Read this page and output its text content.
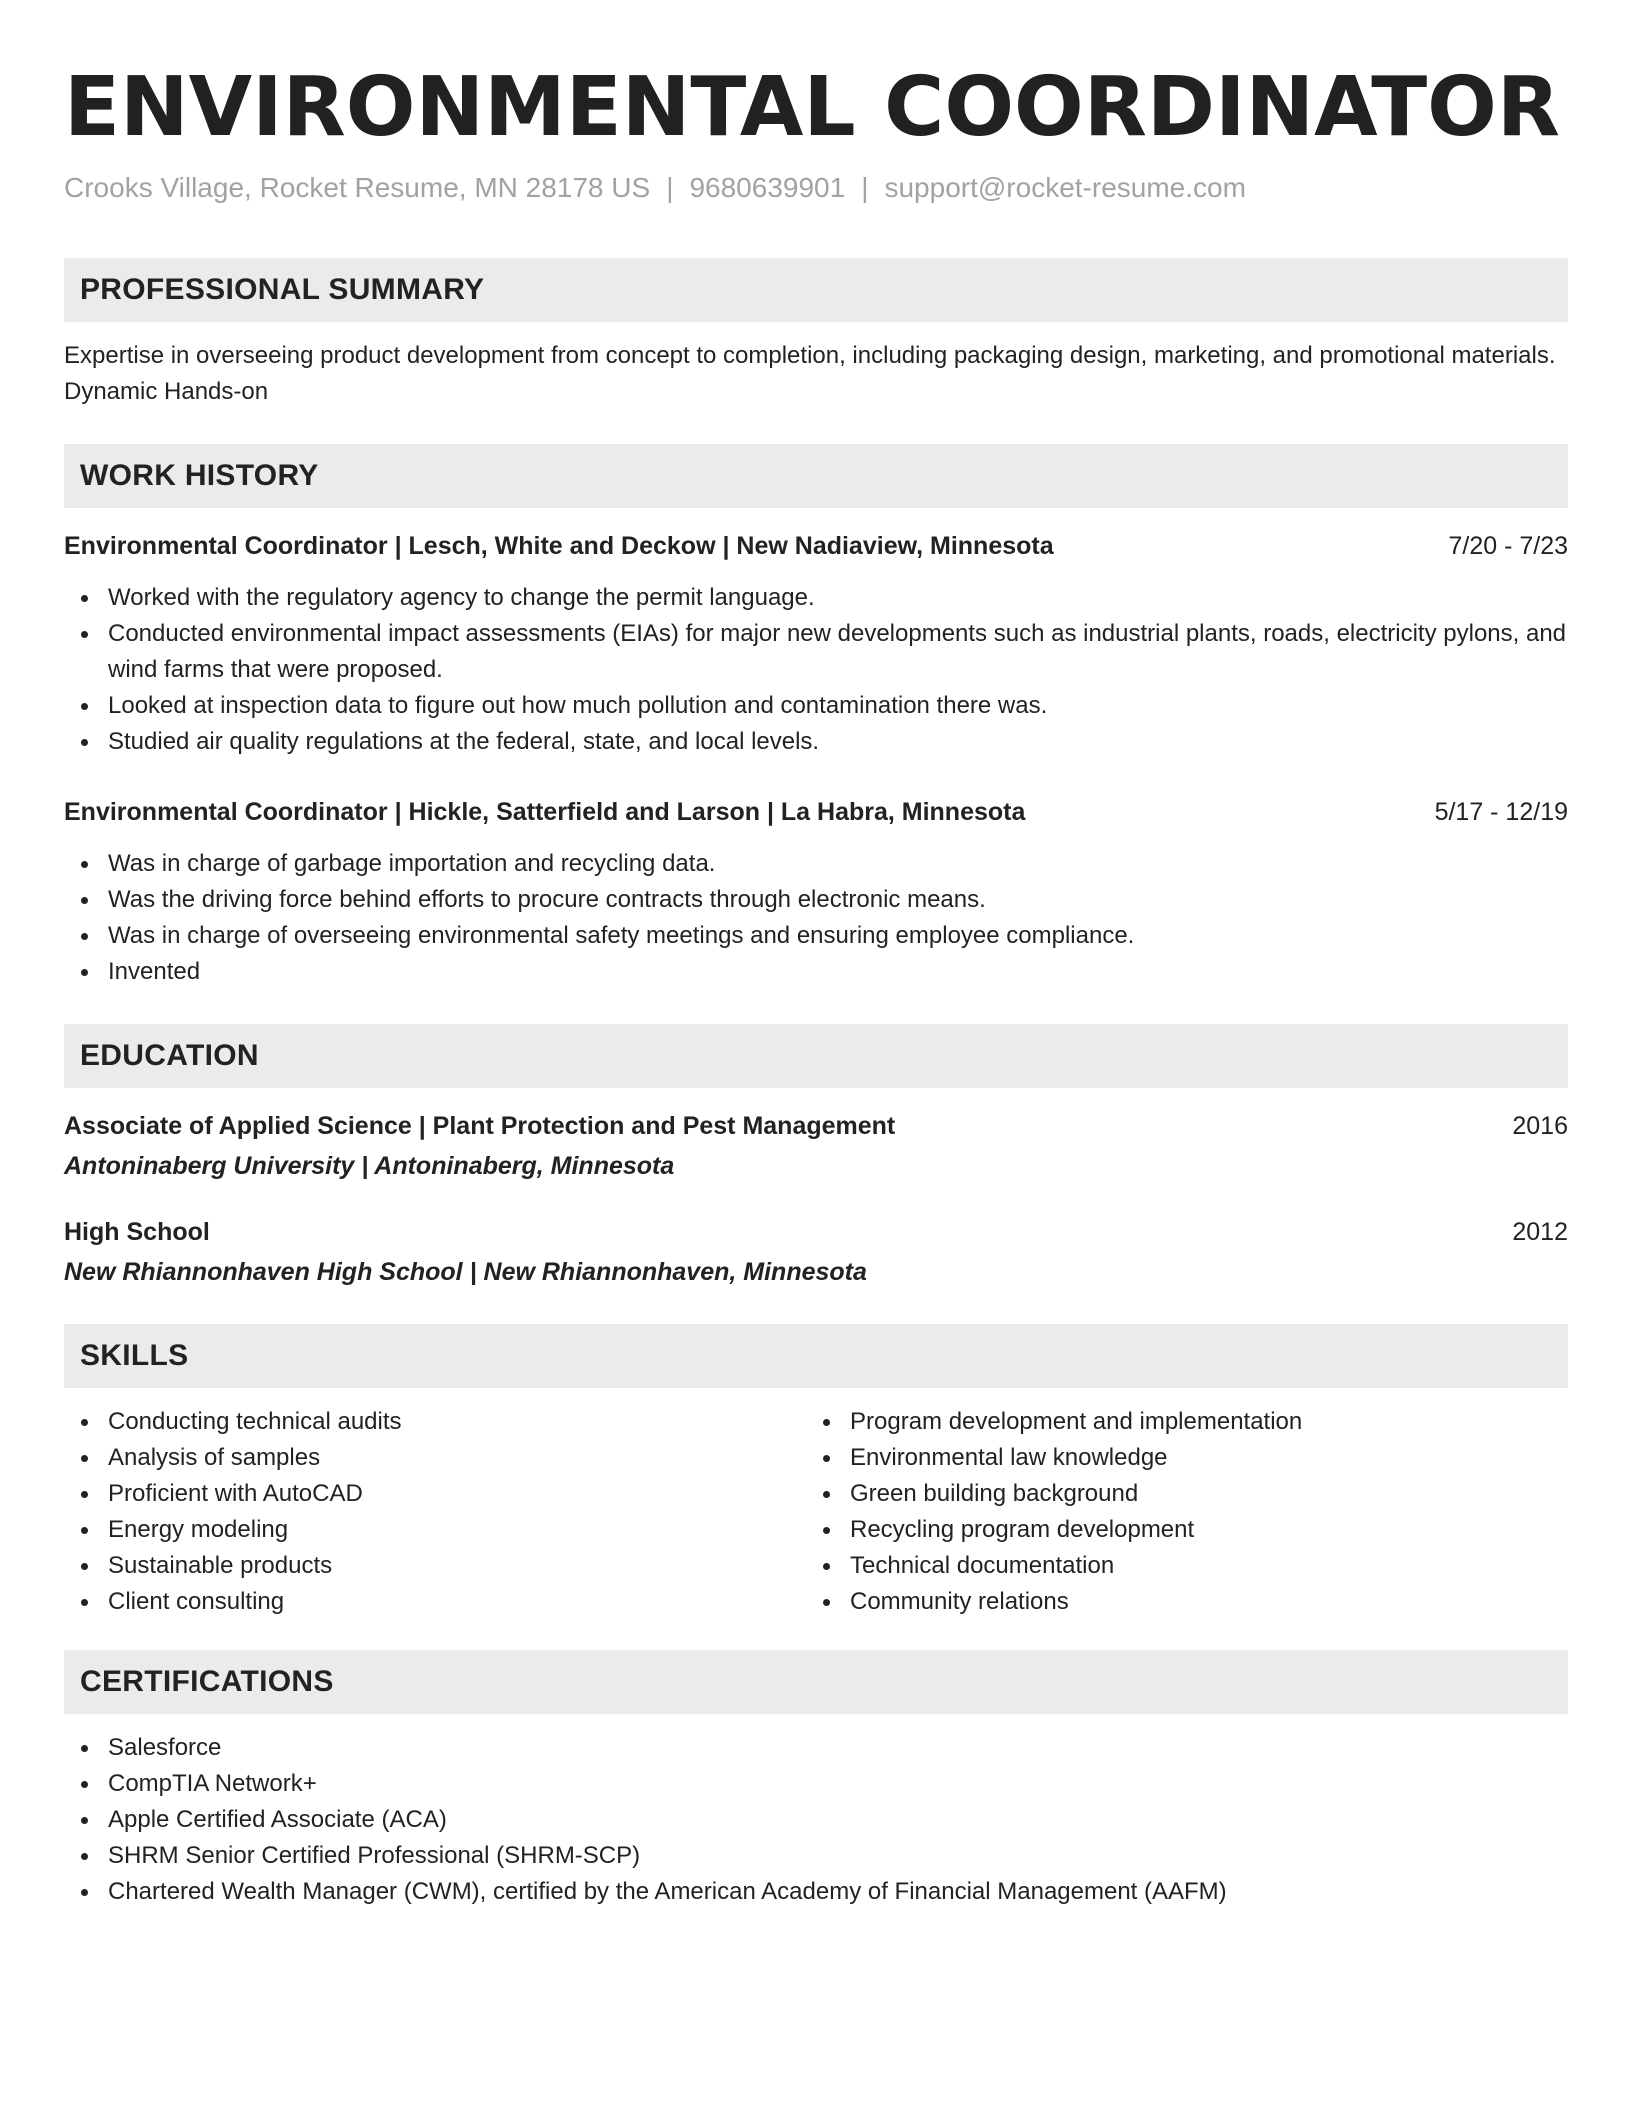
ENVIRONMENTAL COORDINATOR
Crooks Village, Rocket Resume, MN 28178 US | 9680639901 | support@rocket-resume.com
PROFESSIONAL SUMMARY

Expertise in overseeing product development from concept to completion, including packaging design, marketing, and promotional materials. Dynamic Hands-on

WORK HISTORY
Environmental Coordinator | Lesch, White and Deckow | New Nadiaview, Minnesota	7/20 - 7/23
Worked with the regulatory agency to change the permit language.
Conducted environmental impact assessments (EIAs) for major new developments such as industrial plants, roads, electricity pylons, and wind farms that were proposed.
Looked at inspection data to figure out how much pollution and contamination there was.
Studied air quality regulations at the federal, state, and local levels.
Environmental Coordinator | Hickle, Satterfield and Larson | La Habra, Minnesota	5/17 - 12/19
Was in charge of garbage importation and recycling data.
Was the driving force behind efforts to procure contracts through electronic means.
Was in charge of overseeing environmental safety meetings and ensuring employee compliance.
Invented
EDUCATION
Associate of Applied Science | Plant Protection and Pest Management	2016
Antoninaberg University | Antoninaberg, Minnesota
High School	2012
New Rhiannonhaven High School | New Rhiannonhaven, Minnesota
SKILLS
Conducting technical audits
Analysis of samples
Proficient with AutoCAD
Energy modeling
Sustainable products
Client consulting
Program development and implementation
Environmental law knowledge
Green building background
Recycling program development
Technical documentation
Community relations
CERTIFICATIONS
Salesforce
CompTIA Network+
Apple Certified Associate (ACA)
SHRM Senior Certified Professional (SHRM-SCP)
Chartered Wealth Manager (CWM), certified by the American Academy of Financial Management (AAFM)
